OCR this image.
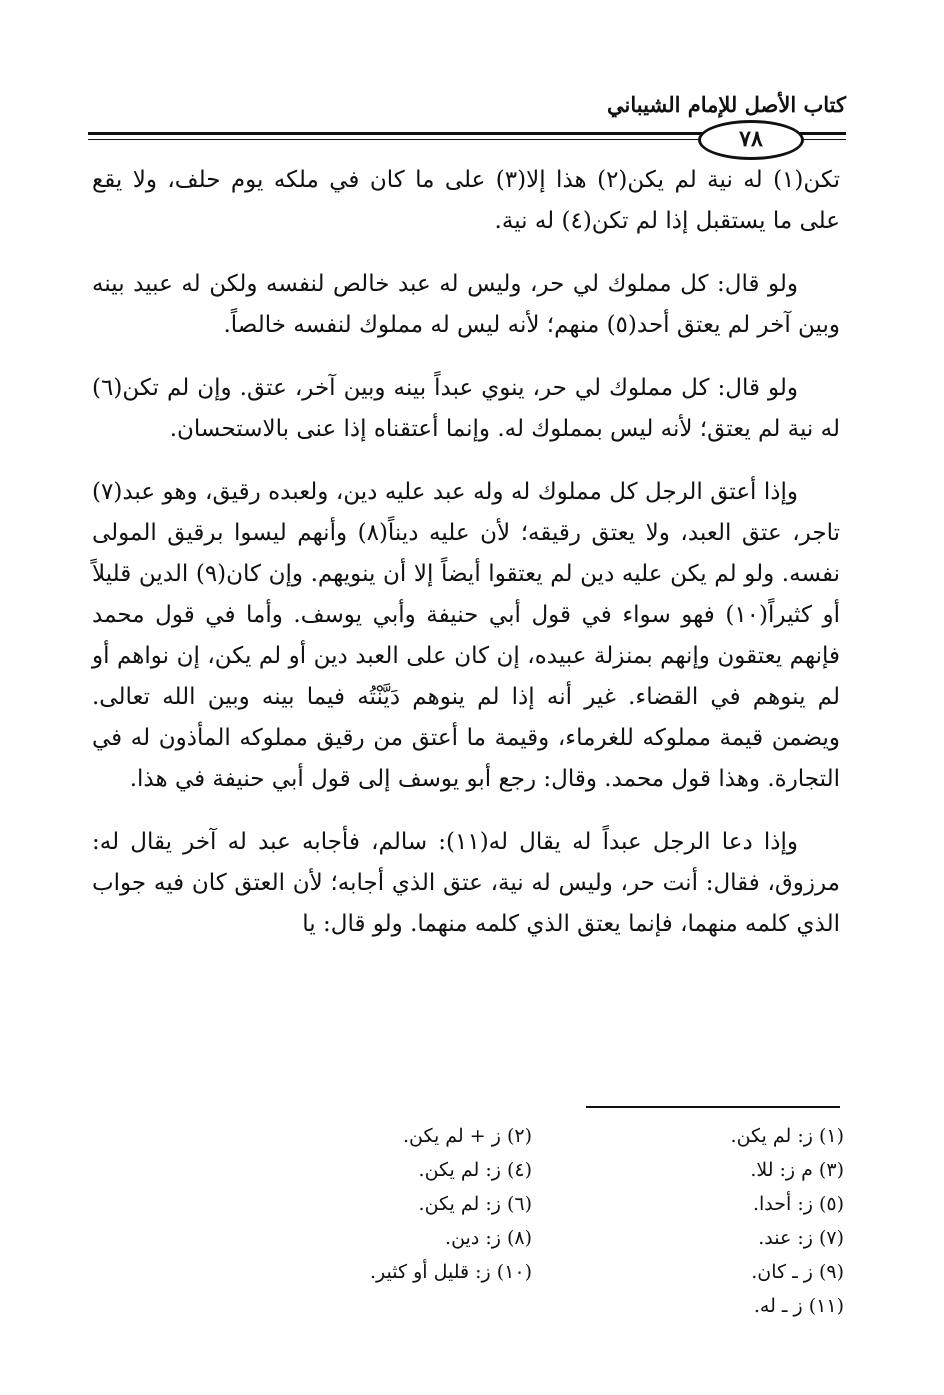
كتاب الأصل للإمام الشيباني
٧٨

تكن(١) له نية لم يكن(٢) هذا إلا(٣) على ما كان في ملكه يوم حلف، ولا يقع على ما يستقبل إذا لم تكن(٤) له نية.

ولو قال: كل مملوك لي حر، وليس له عبد خالص لنفسه ولكن له عبيد بينه وبين آخر لم يعتق أحد(٥) منهم؛ لأنه ليس له مملوك لنفسه خالصاً.

ولو قال: كل مملوك لي حر، ينوي عبداً بينه وبين آخر، عتق. وإن لم تكن(٦) له نية لم يعتق؛ لأنه ليس بمملوك له. وإنما أعتقناه إذا عنى بالاستحسان.

وإذا أعتق الرجل كل مملوك له وله عبد عليه دين، ولعبده رقيق، وهو عبد(٧) تاجر، عتق العبد، ولا يعتق رقيقه؛ لأن عليه ديناً(٨) وأنهم ليسوا برقيق المولى نفسه. ولو لم يكن عليه دين لم يعتقوا أيضاً إلا أن ينويهم. وإن كان(٩) الدين قليلاً أو كثيراً(١٠) فهو سواء في قول أبي حنيفة وأبي يوسف. وأما في قول محمد فإنهم يعتقون وإنهم بمنزلة عبيده، إن كان على العبد دين أو لم يكن، إن نواهم أو لم ينوهم في القضاء. غير أنه إذا لم ينوهم دَيَّنْتُه فيما بينه وبين الله تعالى. ويضمن قيمة مملوكه للغرماء، وقيمة ما أعتق من رقيق مملوكه المأذون له في التجارة. وهذا قول محمد. وقال: رجع أبو يوسف إلى قول أبي حنيفة في هذا.

وإذا دعا الرجل عبداً له يقال له(١١): سالم، فأجابه عبد له آخر يقال له: مرزوق، فقال: أنت حر، وليس له نية، عتق الذي أجابه؛ لأن العتق كان فيه جواب الذي كلمه منهما، فإنما يعتق الذي كلمه منهما. ولو قال: يا

(١) ز: لم يكن.
(٢) ز + لم يكن.
(٣) م ز: للا.
(٤) ز: لم يكن.
(٥) ز: أحدا.
(٦) ز: لم يكن.
(٧) ز: عند.
(٨) ز: دين.
(٩) ز ـ كان.
(١٠) ز: قليل أو كثير.
(١١) ز ـ له.
